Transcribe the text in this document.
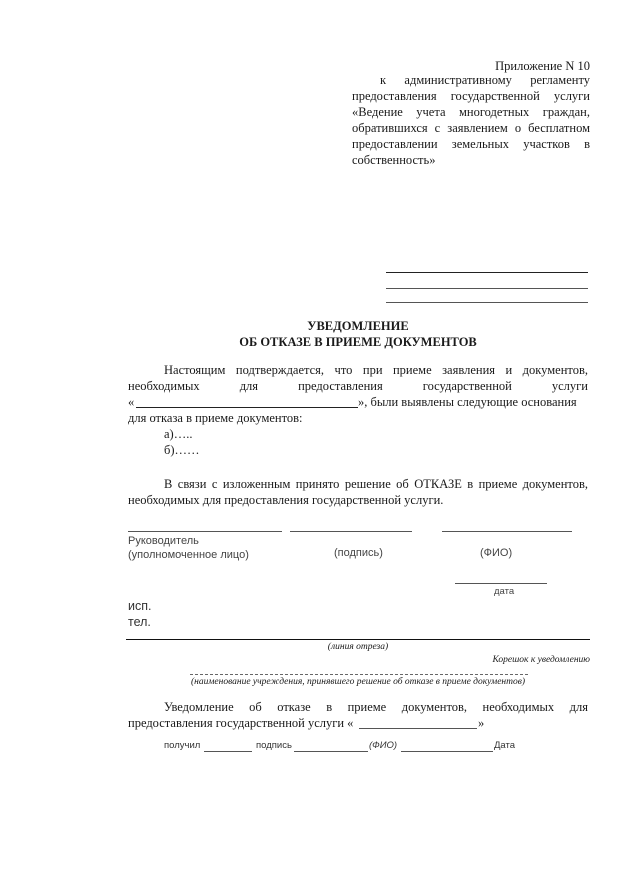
Приложение N 10
к административному регламенту
предоставления государственной услуги
«Ведение учета многодетных граждан,
обратившихся с заявлением о бесплатном
предоставлении земельных участков в
собственность»
УВЕДОМЛЕНИЕ
ОБ ОТКАЗЕ В ПРИЕМЕ ДОКУМЕНТОВ
Настоящим подтверждается, что при приеме заявления и документов,
необходимых для предоставления государственной услуги
«	», были выявлены следующие основания
для отказа в приеме документов:
а)…..
б)……
В связи с изложенным принято решение об ОТКАЗЕ в приеме документов,
необходимых для предоставления государственной услуги.
Руководитель
(уполномоченное лицо)	(подпись)	(ФИО)
дата
исп.
тел.
(линия отреза)
Корешок к уведомлению
(наименование учреждения, принявшего решение об отказе в приеме документов)
Уведомление об отказе в приеме документов, необходимых для
предоставления государственной услуги «	»
получил	подпись	(ФИО)	Дата
